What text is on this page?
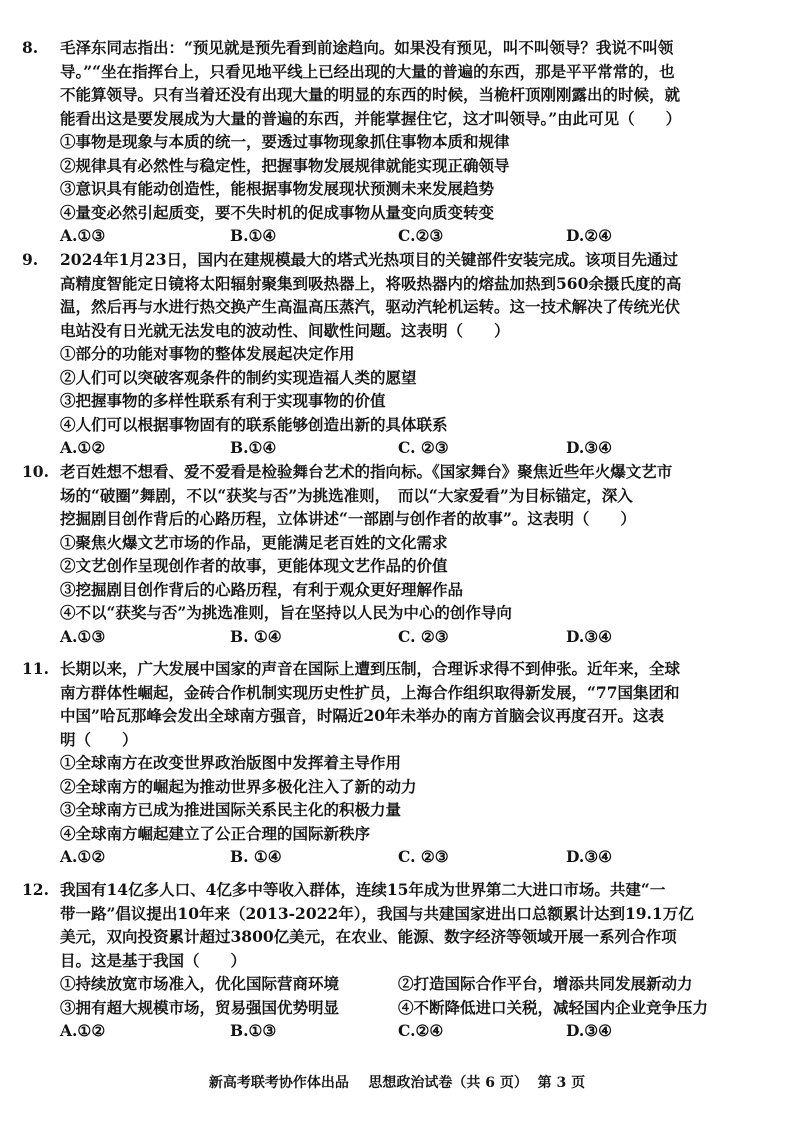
8. 毛泽东同志指出：“预见就是预先看到前途趋向。如果没有预见，叫不叫领导？我说不叫领
导。”“坐在指挥台上，只看见地平线上已经出现的大量的普遍的东西，那是平平常常的，也
不能算领导。只有当着还没有出现大量的明显的东西的时候，当桅杆顶刚刚露出的时候，就
能看出这是要发展成为大量的普遍的东西，并能掌握住它，这才叫领导。”由此可见（　　）
①事物是现象与本质的统一，要透过事物现象抓住事物本质和规律
②规律具有必然性与稳定性，把握事物发展规律就能实现正确领导
③意识具有能动创造性，能根据事物发展现状预测未来发展趋势
④量变必然引起质变，要不失时机的促成事物从量变向质变转变
A.①③	B.①④	C.②③	D.②④
9. 2024年1月23日，国内在建规模最大的塔式光热项目的关键部件安装完成。该项目先通过
高精度智能定日镜将太阳辐射聚集到吸热器上，将吸热器内的熔盐加热到560余摄氏度的高
温，然后再与水进行热交换产生高温高压蒸汽，驱动汽轮机运转。这一技术解决了传统光伏
电站没有日光就无法发电的波动性、间歇性问题。这表明（　　）
①部分的功能对事物的整体发展起决定作用
②人们可以突破客观条件的制约实现造福人类的愿望
③把握事物的多样性联系有利于实现事物的价值
④人们可以根据事物固有的联系能够创造出新的具体联系
A.①②	B.①④	C. ②③	D.③④
10. 老百姓想不想看、爱不爱看是检验舞台艺术的指向标。《国家舞台》聚焦近些年火爆文艺市
场的“破圈”舞剧，不以“获奖与否”为挑选准则，　而以“大家爱看”为目标锚定，深入
挖掘剧目创作背后的心路历程，立体讲述“一部剧与创作者的故事”。这表明（　　）
①聚焦火爆文艺市场的作品，更能满足老百姓的文化需求
②文艺创作呈现创作者的故事，更能体现文艺作品的价值
③挖掘剧目创作背后的心路历程，有利于观众更好理解作品
④不以“获奖与否”为挑选准则，旨在坚持以人民为中心的创作导向
A.①③	B. ①④	C. ②③	D.③④
11. 长期以来，广大发展中国家的声音在国际上遭到压制，合理诉求得不到伸张。近年来，全球
南方群体性崛起，金砖合作机制实现历史性扩员，上海合作组织取得新发展，“77国集团和
中国”哈瓦那峰会发出全球南方强音，时隔近20年未举办的南方首脑会议再度召开。这表
明（　　）
①全球南方在改变世界政治版图中发挥着主导作用
②全球南方的崛起为推动世界多极化注入了新的动力
③全球南方已成为推进国际关系民主化的积极力量
④全球南方崛起建立了公正合理的国际新秩序
A.①②	B. ①④	C. ②③	D.③④
12. 我国有14亿多人口、4亿多中等收入群体，连续15年成为世界第二大进口市场。共建“一
带一路”倡议提出10年来（2013-2022年），我国与共建国家进出口总额累计达到19.1万亿
美元，双向投资累计超过3800亿美元，在农业、能源、数字经济等领域开展一系列合作项
目。这是基于我国（　　）
①持续放宽市场准入，优化国际营商环境	②打造国际合作平台，增添共同发展新动力
③拥有超大规模市场，贸易强国优势明显	④不断降低进口关税，减轻国内企业竞争压力
A.①②	B.①③	C.②④	D.③④
新高考联考协作体出品 思想政治试卷（共 6 页） 第 3 页
